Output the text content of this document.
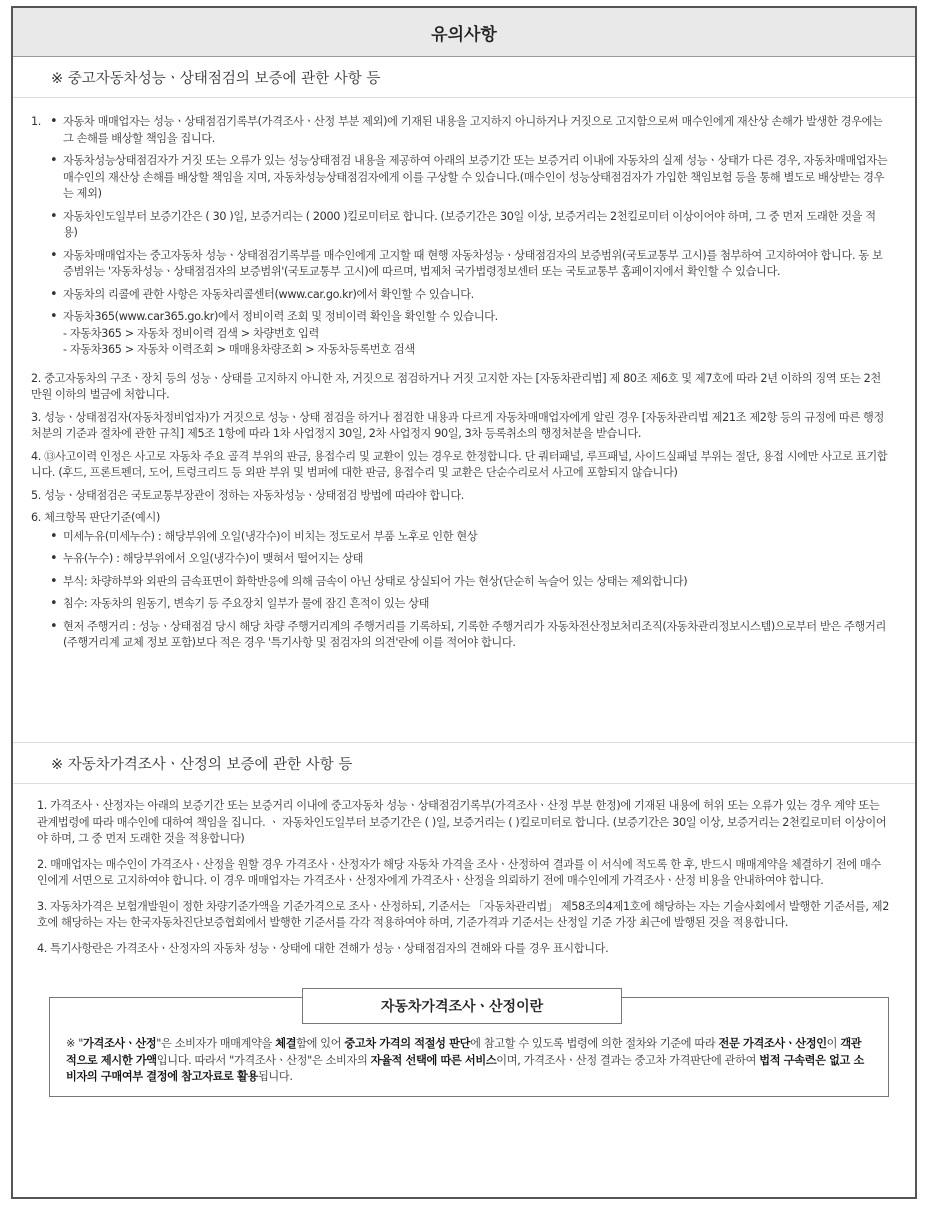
유의사항
※ 중고자동차성능ㆍ상태점검의 보증에 관한 사항 등
1.
•	자동차 매매업자는 성능ㆍ상태점검기록부(가격조사ㆍ산정 부분 제외)에 기재된 내용을 고지하지 아니하거나 거짓으로 고지함으로써 매수인에게 재산상 손해가 발생한 경우에는 그 손해를 배상할 책임을 집니다.
• 자동차성능상태점검자가 거짓 또는 오류가 있는 성능상태점검 내용을 제공하여 아래의 보증기간 또는 보증거리 이내에 자동차의 실제 성능ㆍ상태가 다른 경우, 자동차매매업자는 매수인의 재산상 손해를 배상할 책임을 지며, 자동차성능상태점검자에게 이를 구상할 수 있습니다.(매수인이 성능상태점검자가 가입한 책임보험 등을 통해 별도로 배상받는 경우는 제외)
• 자동차인도일부터 보증기간은 ( 30 )일, 보증거리는 ( 2000 )킬로미터로 합니다. (보증기간은 30일 이상, 보증거리는 2천킬로미터 이상이어야 하며, 그 중 먼저 도래한 것을 적용)
• 자동차매매업자는 중고자동차 성능ㆍ상태점검기록부를 매수인에게 고지할 때 현행 자동차성능ㆍ상태점검자의 보증범위(국토교통부 고시)를 첨부하여 고지하여야 합니다. 동 보증범위는 '자동차성능ㆍ상태점검자의 보증범위'(국토교통부 고시)에 따르며, 법제처 국가법령정보센터 또는 국토교통부 홈페이지에서 확인할 수 있습니다.
• 자동차의 리콜에 관한 사항은 자동차리콜센터(www.car.go.kr)에서 확인할 수 있습니다.
• 자동차365(www.car365.go.kr)에서 정비이력 조회 및 정비이력 확인을 확인할 수 있습니다.
- 자동차365 > 자동차 정비이력 검색 > 차량번호 입력
- 자동차365 > 자동차 이력조회 > 매매용차량조회 > 자동차등록번호 검색
2. 중고자동차의 구조ㆍ장치 등의 성능ㆍ상태를 고지하지 아니한 자, 거짓으로 점검하거나 거짓 고지한 자는 [자동차관리법] 제 80조 제6호 및 제7호에 따라 2년 이하의 징역 또는 2천만원 이하의 벌금에 처합니다.
3. 성능ㆍ상태점검자(자동차정비업자)가 거짓으로 성능ㆍ상태 점검을 하거나 점검한 내용과 다르게 자동차매매업자에게 알린 경우 [자동차관리법 제21조 제2항 등의 규정에 따른 행정처분의 기준과 절차에 관한 규칙] 제5조 1항에 따라 1차 사업정지 30일, 2차 사업정지 90일, 3차 등록취소의 행정처분을 받습니다.
4. ⑬사고이력 인정은 사고로 자동차 주요 골격 부위의 판금, 용접수리 및 교환이 있는 경우로 한정합니다. 단 쿼터패널, 루프패널, 사이드실패널 부위는 절단, 용접 시에만 사고로 표기합니다. (후드, 프론트펜더, 도어, 트렁크리드 등 외판 부위 및 범퍼에 대한 판금, 용접수리 및 교환은 단순수리로서 사고에 포함되지 않습니다)
5. 성능ㆍ상태점검은 국토교통부장관이 정하는 자동차성능ㆍ상태점검 방법에 따라야 합니다.
6. 체크항목 판단기준(예시)
• 미세누유(미세누수) : 해당부위에 오일(냉각수)이 비치는 정도로서 부품 노후로 인한 현상
• 누유(누수) : 해당부위에서 오일(냉각수)이 맺혀서 떨어지는 상태
• 부식: 차량하부와 외판의 금속표면이 화학반응에 의해 금속이 아닌 상태로 상실되어 가는 현상(단순히 녹슬어 있는 상태는 제외합니다)
• 침수: 자동차의 원동기, 변속기 등 주요장치 일부가 물에 잠긴 흔적이 있는 상태
• 현저 주행거리 : 성능ㆍ상태점검 당시 해당 차량 주행거리계의 주행거리를 기록하되, 기록한 주행거리가 자동차전산정보처리조직(자동차관리정보시스템)으로부터 받은 주행거리(주행거리계 교체 정보 포함)보다 적은 경우 '특기사항 및 점검자의 의견'란에 이를 적어야 합니다.
※ 자동차가격조사ㆍ산정의 보증에 관한 사항 등
1. 가격조사ㆍ산정자는 아래의 보증기간 또는 보증거리 이내에 중고자동차 성능ㆍ상태점검기록부(가격조사ㆍ산정 부분 한정)에 기재된 내용에 허위 또는 오류가 있는 경우 계약 또는 관계법령에 따라 매수인에 대하여 책임을 집니다. ㆍ 자동차인도일부터 보증기간은 ( )일, 보증거리는 ( )킬로미터로 합니다. (보증기간은 30일 이상, 보증거리는 2천킬로미터 이상이어야 하며, 그 중 먼저 도래한 것을 적용합니다)
2. 매매업자는 매수인이 가격조사ㆍ산정을 원할 경우 가격조사ㆍ산정자가 해당 자동차 가격을 조사ㆍ산정하여 결과를 이 서식에 적도록 한 후, 반드시 매매계약을 체결하기 전에 매수인에게 서면으로 고지하여야 합니다. 이 경우 매매업자는 가격조사ㆍ산정자에게 가격조사ㆍ산정을 의뢰하기 전에 매수인에게 가격조사ㆍ산정 비용을 안내하여야 합니다.
3. 자동차가격은 보험개발원이 정한 차량기준가액을 기준가격으로 조사ㆍ산정하되, 기준서는 「자동차관리법」 제58조의4제1호에 해당하는 자는 기술사회에서 발행한 기준서를, 제2호에 해당하는 자는 한국자동차진단보증협회에서 발행한 기준서를 각각 적용하여야 하며, 기준가격과 기준서는 산정일 기준 가장 최근에 발행된 것을 적용합니다.
4. 특기사항란은 가격조사ㆍ산정자의 자동차 성능ㆍ상태에 대한 견해가 성능ㆍ상태점검자의 견해와 다를 경우 표시합니다.
자동차가격조사ㆍ산정이란
※ "가격조사ㆍ산정"은 소비자가 매매계약을 체결함에 있어 중고차 가격의 적절성 판단에 참고할 수 있도록 법령에 의한 절차와 기준에 따라 전문 가격조사ㆍ산정인이 객관적으로 제시한 가액입니다. 따라서 "가격조사ㆍ산정"은 소비자의 자율적 선택에 따른 서비스이며, 가격조사ㆍ산정 결과는 중고차 가격판단에 관하여 법적 구속력은 없고 소비자의 구매여부 결정에 참고자료로 활용됩니다.
